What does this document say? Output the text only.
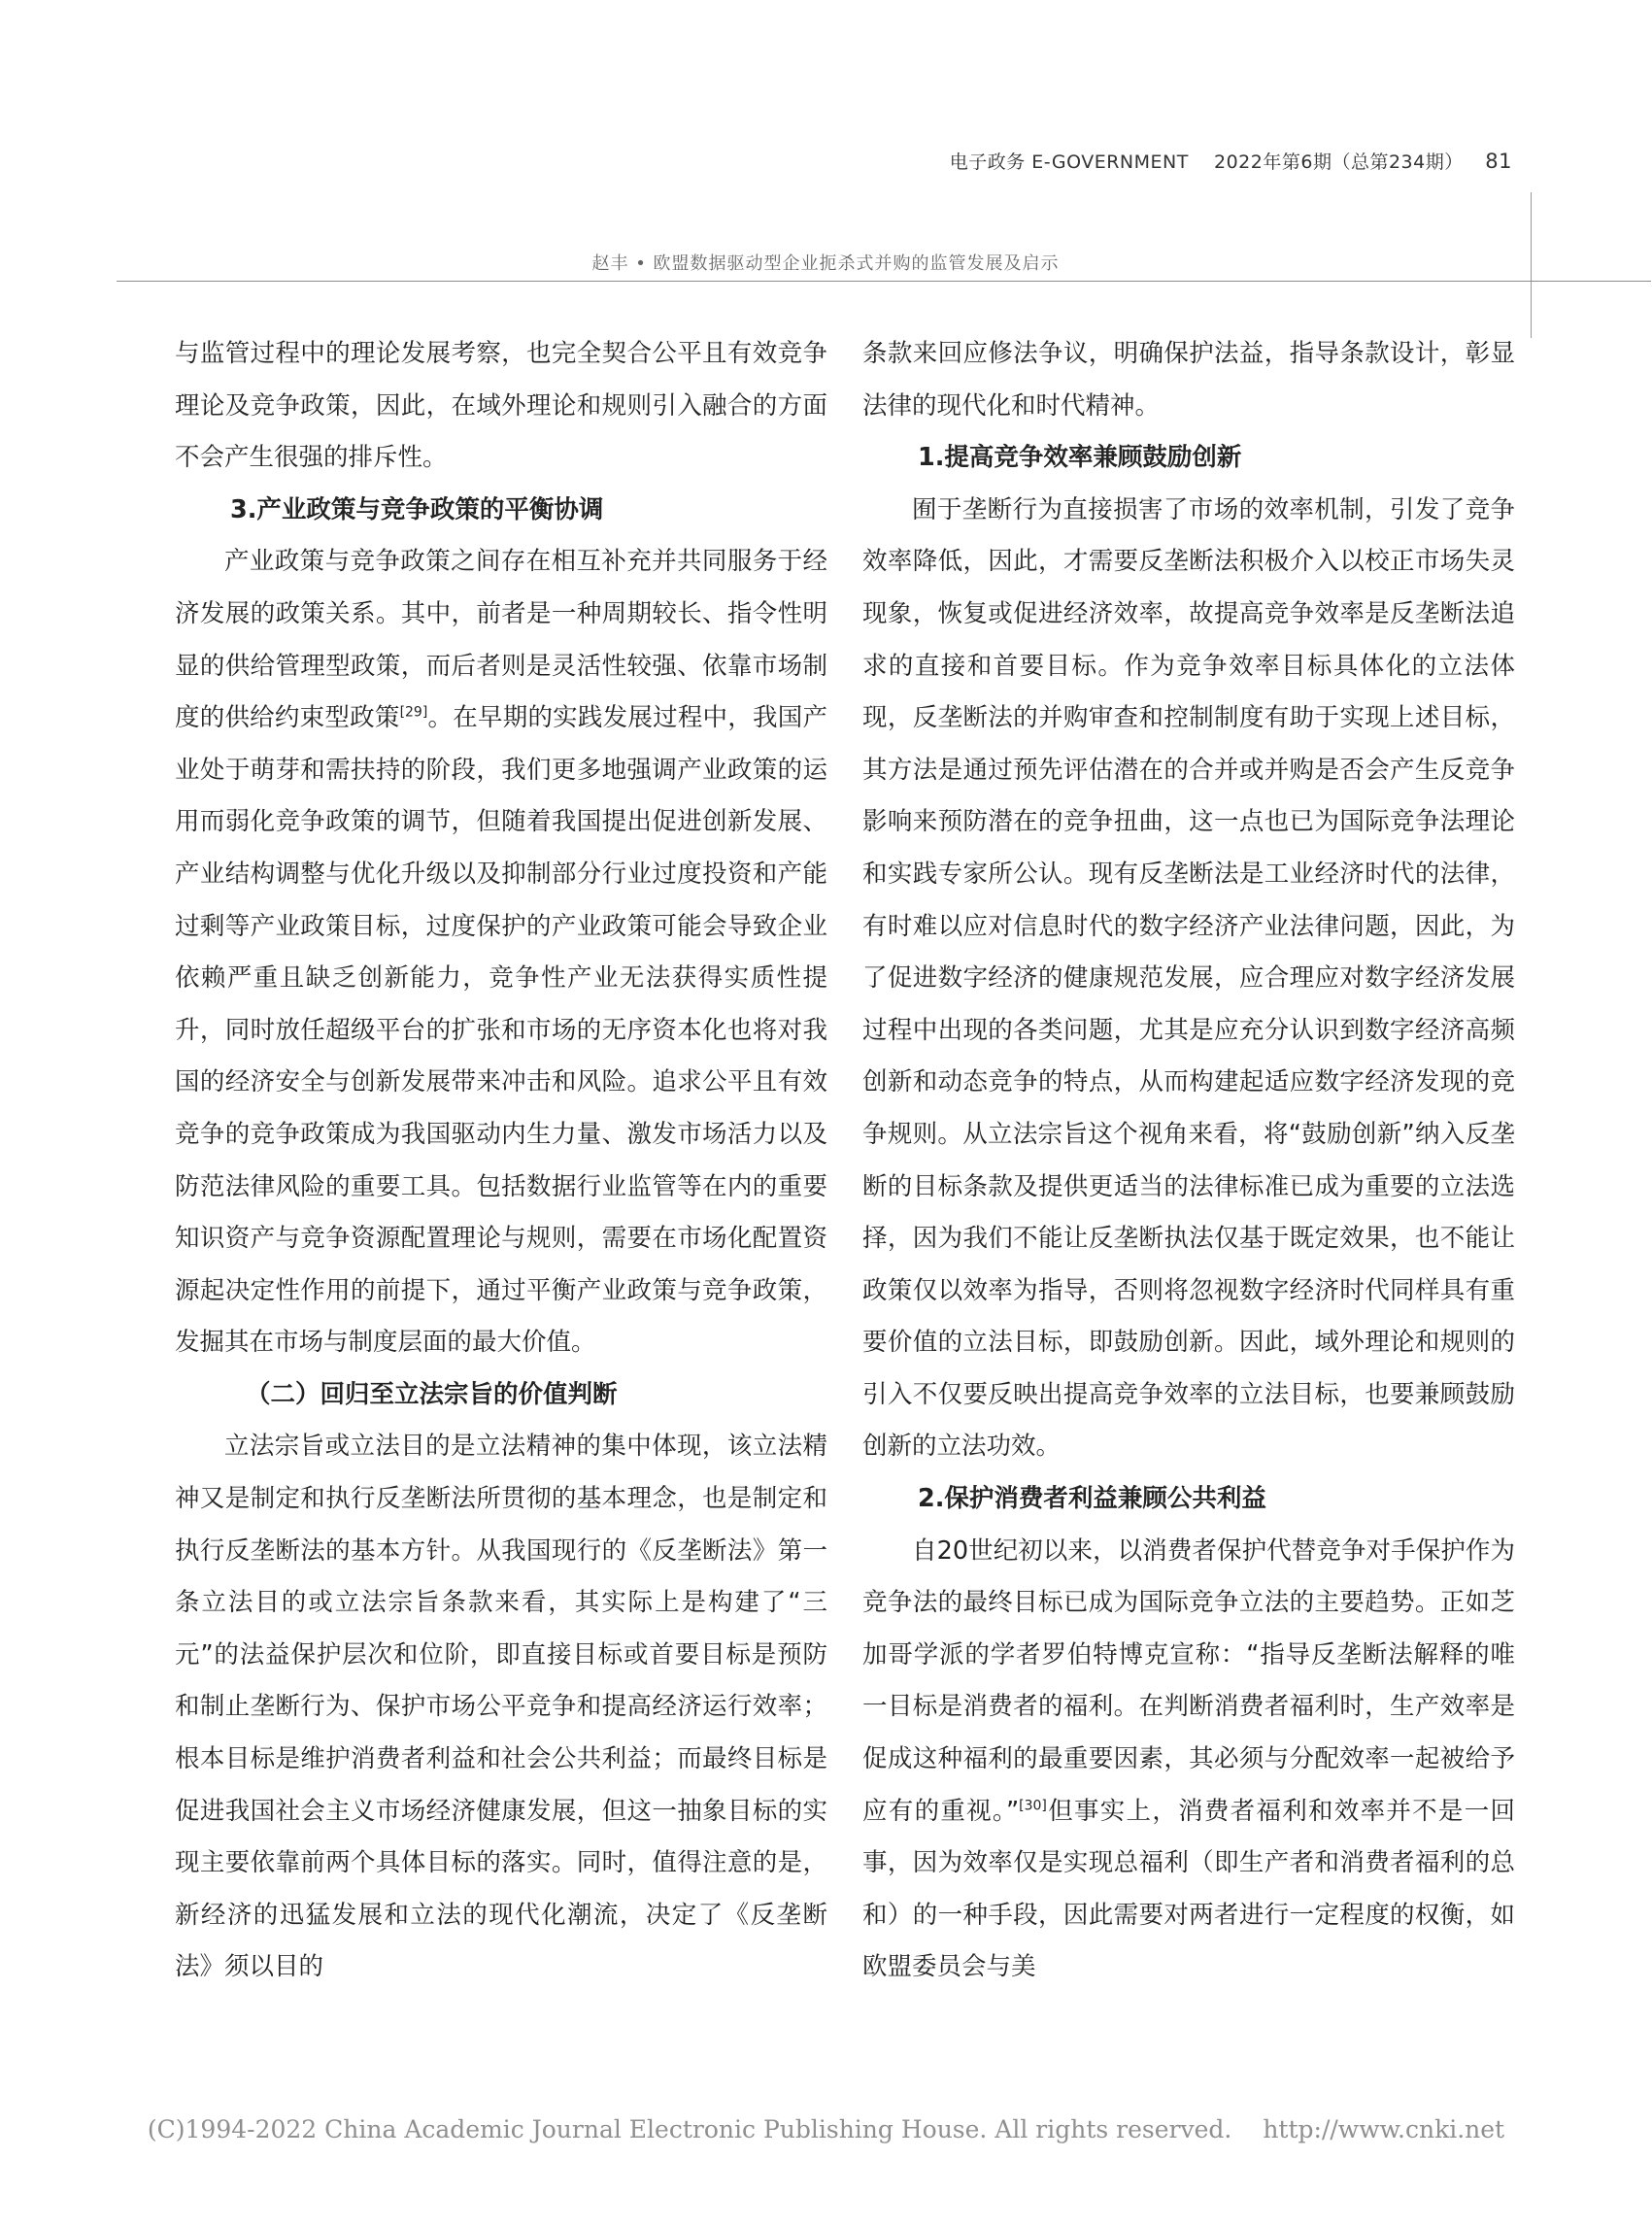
电子政务 E-GOVERNMENT 2022年第6期（总第234期） 81
赵丰 • 欧盟数据驱动型企业扼杀式并购的监管发展及启示

与监管过程中的理论发展考察，也完全契合公平且有效竞争理论及竞争政策，因此，在域外理论和规则引入融合的方面不会产生很强的排斥性。

3.产业政策与竞争政策的平衡协调

产业政策与竞争政策之间存在相互补充并共同服务于经济发展的政策关系。其中，前者是一种周期较长、指令性明显的供给管理型政策，而后者则是灵活性较强、依靠市场制度的供给约束型政策[29]。在早期的实践发展过程中，我国产业处于萌芽和需扶持的阶段，我们更多地强调产业政策的运用而弱化竞争政策的调节，但随着我国提出促进创新发展、产业结构调整与优化升级以及抑制部分行业过度投资和产能过剩等产业政策目标，过度保护的产业政策可能会导致企业依赖严重且缺乏创新能力，竞争性产业无法获得实质性提升，同时放任超级平台的扩张和市场的无序资本化也将对我国的经济安全与创新发展带来冲击和风险。追求公平且有效竞争的竞争政策成为我国驱动内生力量、激发市场活力以及防范法律风险的重要工具。包括数据行业监管等在内的重要知识资产与竞争资源配置理论与规则，需要在市场化配置资源起决定性作用的前提下，通过平衡产业政策与竞争政策，发掘其在市场与制度层面的最大价值。

（二）回归至立法宗旨的价值判断

立法宗旨或立法目的是立法精神的集中体现，该立法精神又是制定和执行反垄断法所贯彻的基本理念，也是制定和执行反垄断法的基本方针。从我国现行的《反垄断法》第一条立法目的或立法宗旨条款来看，其实际上是构建了“三元”的法益保护层次和位阶，即直接目标或首要目标是预防和制止垄断行为、保护市场公平竞争和提高经济运行效率；根本目标是维护消费者利益和社会公共利益；而最终目标是促进我国社会主义市场经济健康发展，但这一抽象目标的实现主要依靠前两个具体目标的落实。同时，值得注意的是，新经济的迅猛发展和立法的现代化潮流，决定了《反垄断法》须以目的

条款来回应修法争议，明确保护法益，指导条款设计，彰显法律的现代化和时代精神。

1.提高竞争效率兼顾鼓励创新

囿于垄断行为直接损害了市场的效率机制，引发了竞争效率降低，因此，才需要反垄断法积极介入以校正市场失灵现象，恢复或促进经济效率，故提高竞争效率是反垄断法追求的直接和首要目标。作为竞争效率目标具体化的立法体现，反垄断法的并购审查和控制制度有助于实现上述目标，其方法是通过预先评估潜在的合并或并购是否会产生反竞争影响来预防潜在的竞争扭曲，这一点也已为国际竞争法理论和实践专家所公认。现有反垄断法是工业经济时代的法律，有时难以应对信息时代的数字经济产业法律问题，因此，为了促进数字经济的健康规范发展，应合理应对数字经济发展过程中出现的各类问题，尤其是应充分认识到数字经济高频创新和动态竞争的特点，从而构建起适应数字经济发现的竞争规则。从立法宗旨这个视角来看，将“鼓励创新”纳入反垄断的目标条款及提供更适当的法律标准已成为重要的立法选择，因为我们不能让反垄断执法仅基于既定效果，也不能让政策仅以效率为指导，否则将忽视数字经济时代同样具有重要价值的立法目标，即鼓励创新。因此，域外理论和规则的引入不仅要反映出提高竞争效率的立法目标，也要兼顾鼓励创新的立法功效。

2.保护消费者利益兼顾公共利益

自20世纪初以来，以消费者保护代替竞争对手保护作为竞争法的最终目标已成为国际竞争立法的主要趋势。正如芝加哥学派的学者罗伯特博克宣称：“指导反垄断法解释的唯一目标是消费者的福利。在判断消费者福利时，生产效率是促成这种福利的最重要因素，其必须与分配效率一起被给予应有的重视。”[30]但事实上，消费者福利和效率并不是一回事，因为效率仅是实现总福利（即生产者和消费者福利的总和）的一种手段，因此需要对两者进行一定程度的权衡，如欧盟委员会与美

(C)1994-2022 China Academic Journal Electronic Publishing House. All rights reserved. http://www.cnki.net
